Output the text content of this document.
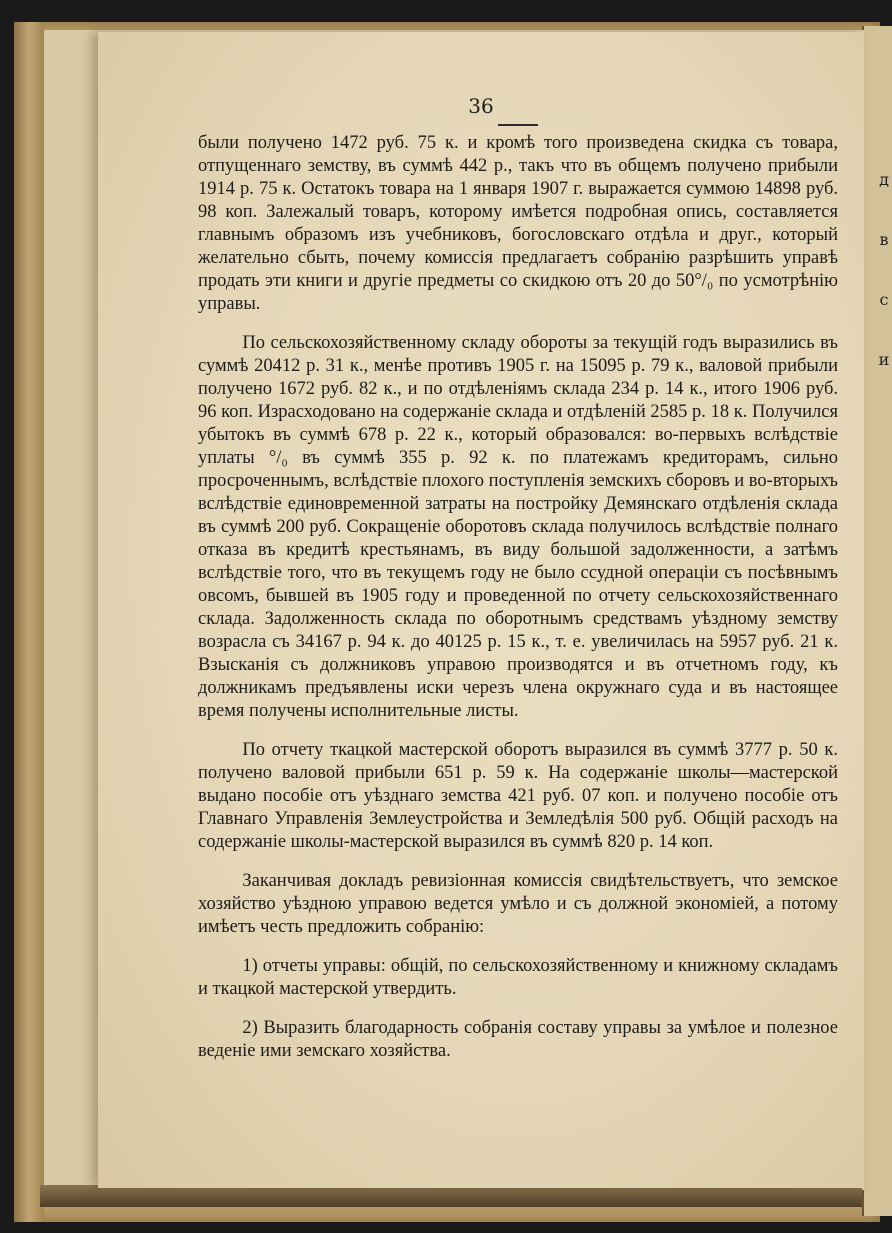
д
в
с
и
36

были получено 1472 руб. 75 к. и кромѣ того произведена скидка съ товара, отпущеннаго земству, въ суммѣ 442 р., такъ что въ общемъ получено прибыли 1914 р. 75 к. Остатокъ товара на 1 января 1907 г. выражается суммою 14898 руб. 98 коп. Залежалый товаръ, которому имѣется подробная опись, составляется главнымъ образомъ изъ учебниковъ, богословскаго отдѣла и друг., который желательно сбыть, почему комиссія предлагаетъ собранію разрѣшить управѣ продать эти книги и другіе предметы со скидкою отъ 20 до 50°/₀ по усмотрѣнію управы.

По сельскохозяйственному складу обороты за текущій годъ выразились въ суммѣ 20412 р. 31 к., менѣе противъ 1905 г. на 15095 р. 79 к., валовой прибыли получено 1672 руб. 82 к., и по отдѣленіямъ склада 234 р. 14 к., итого 1906 руб. 96 коп. Израсходовано на содержаніе склада и отдѣленій 2585 р. 18 к. Получился убытокъ въ суммѣ 678 р. 22 к., который образовался: во-первыхъ вслѣдствіе уплаты °/₀ въ суммѣ 355 р. 92 к. по платежамъ кредиторамъ, сильно просроченнымъ, вслѣдствіе плохого поступленія земскихъ сборовъ и во-вторыхъ вслѣдствіе единовременной затраты на постройку Демянскаго отдѣленія склада въ суммѣ 200 руб. Сокращеніе оборотовъ склада получилось вслѣдствіе полнаго отказа въ кредитѣ крестьянамъ, въ виду большой задолженности, а затѣмъ вслѣдствіе того, что въ текущемъ году не было ссудной операціи съ посѣвнымъ овсомъ, бывшей въ 1905 году и проведенной по отчету сельскохозяйственнаго склада. Задолженность склада по оборотнымъ средствамъ уѣздному земству возрасла съ 34167 р. 94 к. до 40125 р. 15 к., т. е. увеличилась на 5957 руб. 21 к. Взысканія съ должниковъ управою производятся и въ отчетномъ году, къ должникамъ предъявлены иски черезъ члена окружнаго суда и въ настоящее время получены исполнительные листы.

По отчету ткацкой мастерской оборотъ выразился въ суммѣ 3777 р. 50 к. получено валовой прибыли 651 р. 59 к. На содержаніе школы—мастерской выдано пособіе отъ уѣзднаго земства 421 руб. 07 коп. и получено пособіе отъ Главнаго Управленія Землеустройства и Земледѣлія 500 руб. Общій расходъ на содержаніе школы-мастерской выразился въ суммѣ 820 р. 14 коп.

Заканчивая докладъ ревизіонная комиссія свидѣтельствуетъ, что земское хозяйство уѣздною управою ведется умѣло и съ должной экономіей, а потому имѣетъ честь предложить собранію:

1) отчеты управы: общій, по сельскохозяйственному и книжному складамъ и ткацкой мастерской утвердить.

2) Выразить благодарность собранія составу управы за умѣлое и полезное веденіе ими земскаго хозяйства.
